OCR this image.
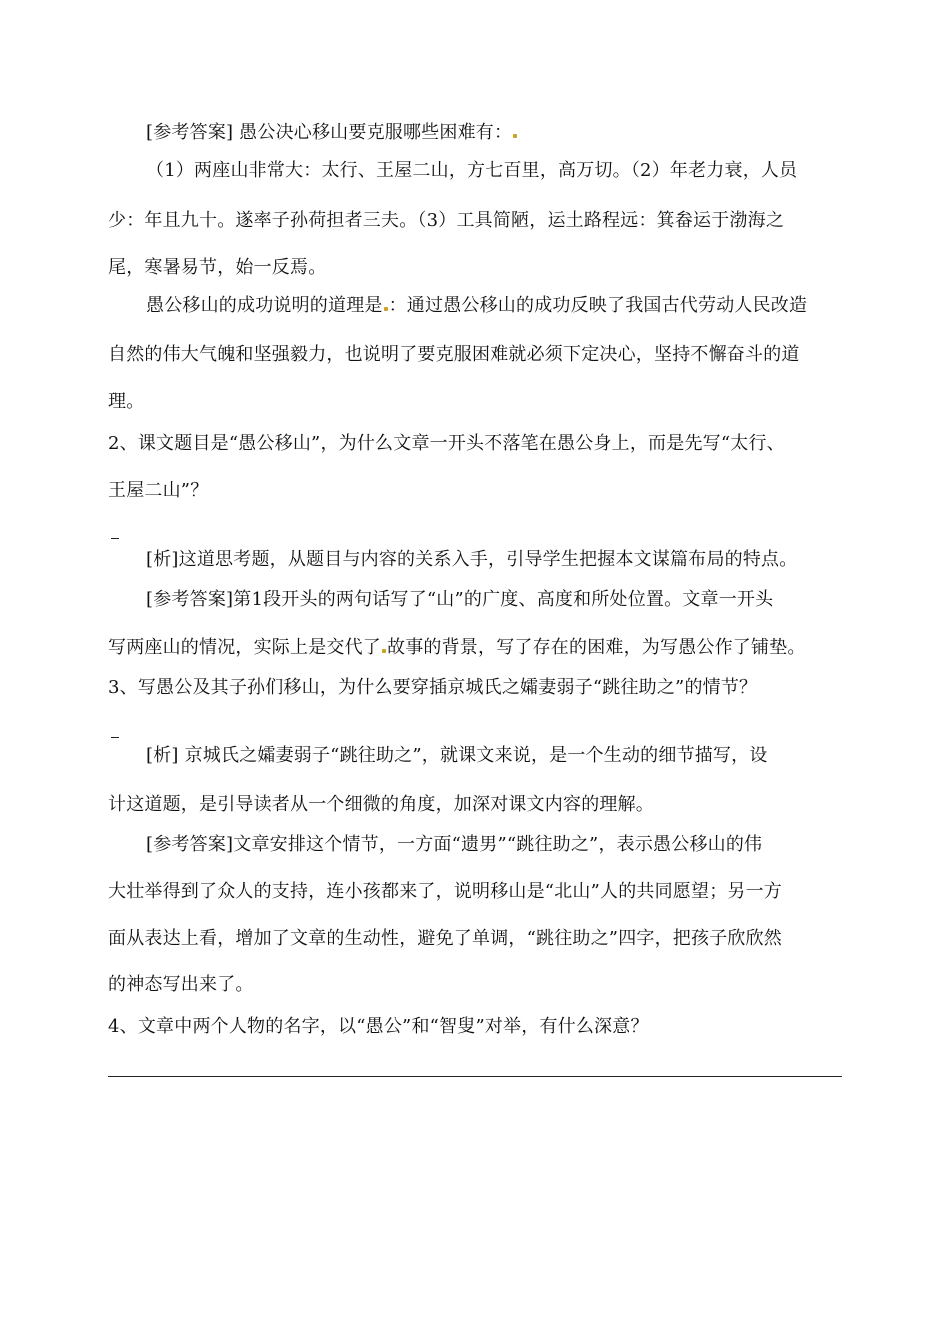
[参考答案] 愚公决心移山要克服哪些困难有：
（1）两座山非常大：太行、王屋二山，方七百里，高万切。（2）年老力衰，人员
少：年且九十。遂率子孙荷担者三夫。（3）工具简陋，运土路程远：箕畚运于渤海之
尾，寒暑易节，始一反焉。
愚公移山的成功说明的道理是 ：通过愚公移山的成功反映了我国古代劳动人民改造
自然的伟大气魄和坚强毅力，也说明了要克服困难就必须下定决心，坚持不懈奋斗的道
理。
2、课文题目是“愚公移山”，为什么文章一开头不落笔在愚公身上，而是先写“太行、
王屋二山”？
[析]这道思考题，从题目与内容的关系入手，引导学生把握本文谋篇布局的特点。
[参考答案]第1段开头的两句话写了“山”的广度、高度和所处位置。文章一开头
写两座山的情况，实际上是交代了 故事的背景，写了存在的困难，为写愚公作了铺垫。
3、写愚公及其子孙们移山，为什么要穿插京城氏之孀妻弱子“跳往助之”的情节？
[析] 京城氏之孀妻弱子“跳往助之”，就课文来说，是一个生动的细节描写，设
计这道题，是引导读者从一个细微的角度，加深对课文内容的理解。
[参考答案]文章安排这个情节，一方面“遗男”“跳往助之”，表示愚公移山的伟
大壮举得到了众人的支持，连小孩都来了，说明移山是“北山”人的共同愿望；另一方
面从表达上看，增加了文章的生动性，避免了单调，“跳往助之”四字，把孩子欣欣然
的神态写出来了。
4、文章中两个人物的名字，以“愚公”和“智叟”对举，有什么深意？
